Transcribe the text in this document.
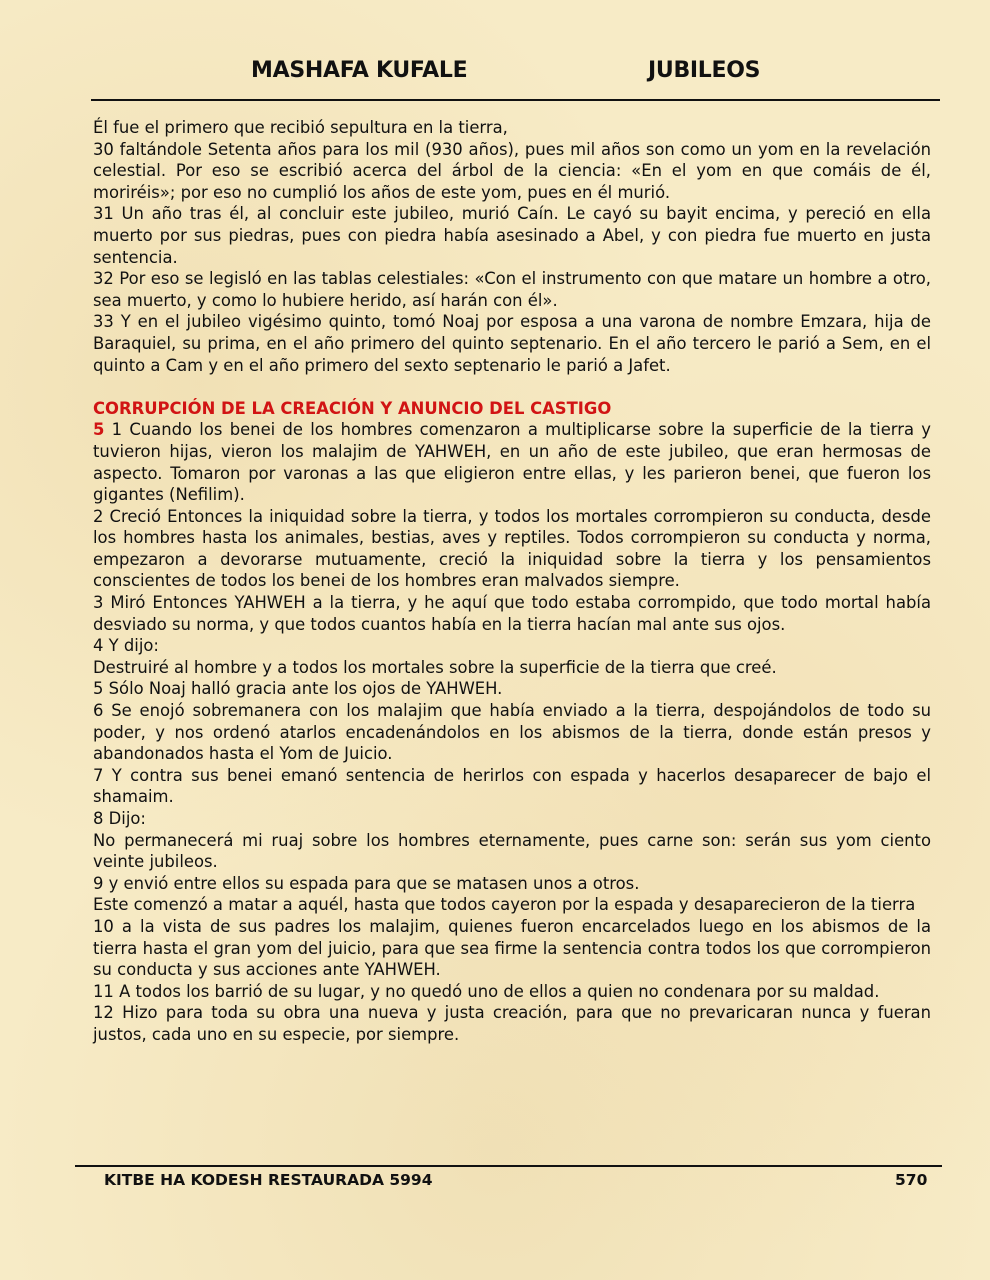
MASHAFA KUFALE	JUBILEOS

Él fue el primero que recibió sepultura en la tierra,

30 faltándole Setenta años para los mil (930 años), pues mil años son como un yom en la revelación celestial. Por eso se escribió acerca del árbol de la ciencia: «En el yom en que comáis de él, moriréis»; por eso no cumplió los años de este yom, pues en él murió.

31 Un año tras él, al concluir este jubileo, murió Caín. Le cayó su bayit encima, y pereció en ella muerto por sus piedras, pues con piedra había asesinado a Abel, y con piedra fue muerto en justa sentencia.

32 Por eso se legisló en las tablas celestiales: «Con el instrumento con que matare un hombre a otro, sea muerto, y como lo hubiere herido, así harán con él».

33 Y en el jubileo vigésimo quinto, tomó Noaj por esposa a una varona de nombre Emzara, hija de Baraquiel, su prima, en el año primero del quinto septenario. En el año tercero le parió a Sem, en el quinto a Cam y en el año primero del sexto septenario le parió a Jafet.

CORRUPCIÓN DE LA CREACIÓN Y ANUNCIO DEL CASTIGO

5 1 Cuando los benei de los hombres comenzaron a multiplicarse sobre la superficie de la tierra y tuvieron hijas, vieron los malajim de YAHWEH, en un año de este jubileo, que eran hermosas de aspecto. Tomaron por varonas a las que eligieron entre ellas, y les parieron benei, que fueron los gigantes (Nefilim).

2 Creció Entonces la iniquidad sobre la tierra, y todos los mortales corrompieron su conducta, desde los hombres hasta los animales, bestias, aves y reptiles. Todos corrompieron su conducta y norma, empezaron a devorarse mutuamente, creció la iniquidad sobre la tierra y los pensamientos conscientes de todos los benei de los hombres eran malvados siempre.

3 Miró Entonces YAHWEH a la tierra, y he aquí que todo estaba corrompido, que todo mortal había desviado su norma, y que todos cuantos había en la tierra hacían mal ante sus ojos.

4 Y dijo:

Destruiré al hombre y a todos los mortales sobre la superficie de la tierra que creé.

5 Sólo Noaj halló gracia ante los ojos de YAHWEH.

6 Se enojó sobremanera con los malajim que había enviado a la tierra, despojándolos de todo su poder, y nos ordenó atarlos encadenándolos en los abismos de la tierra, donde están presos y abandonados hasta el Yom de Juicio.

7 Y contra sus benei emanó sentencia de herirlos con espada y hacerlos desaparecer de bajo el shamaim.

8 Dijo:

No permanecerá mi ruaj sobre los hombres eternamente, pues carne son: serán sus yom ciento veinte jubileos.

9 y envió entre ellos su espada para que se matasen unos a otros.

Este comenzó a matar a aquél, hasta que todos cayeron por la espada y desaparecieron de la tierra

10 a la vista de sus padres los malajim, quienes fueron encarcelados luego en los abismos de la tierra hasta el gran yom del juicio, para que sea firme la sentencia contra todos los que corrompieron su conducta y sus acciones ante YAHWEH.

11 A todos los barrió de su lugar, y no quedó uno de ellos a quien no condenara por su maldad.

12 Hizo para toda su obra una nueva y justa creación, para que no prevaricaran nunca y fueran justos, cada uno en su especie, por siempre.

KITBE HA KODESH RESTAURADA 5994	570
